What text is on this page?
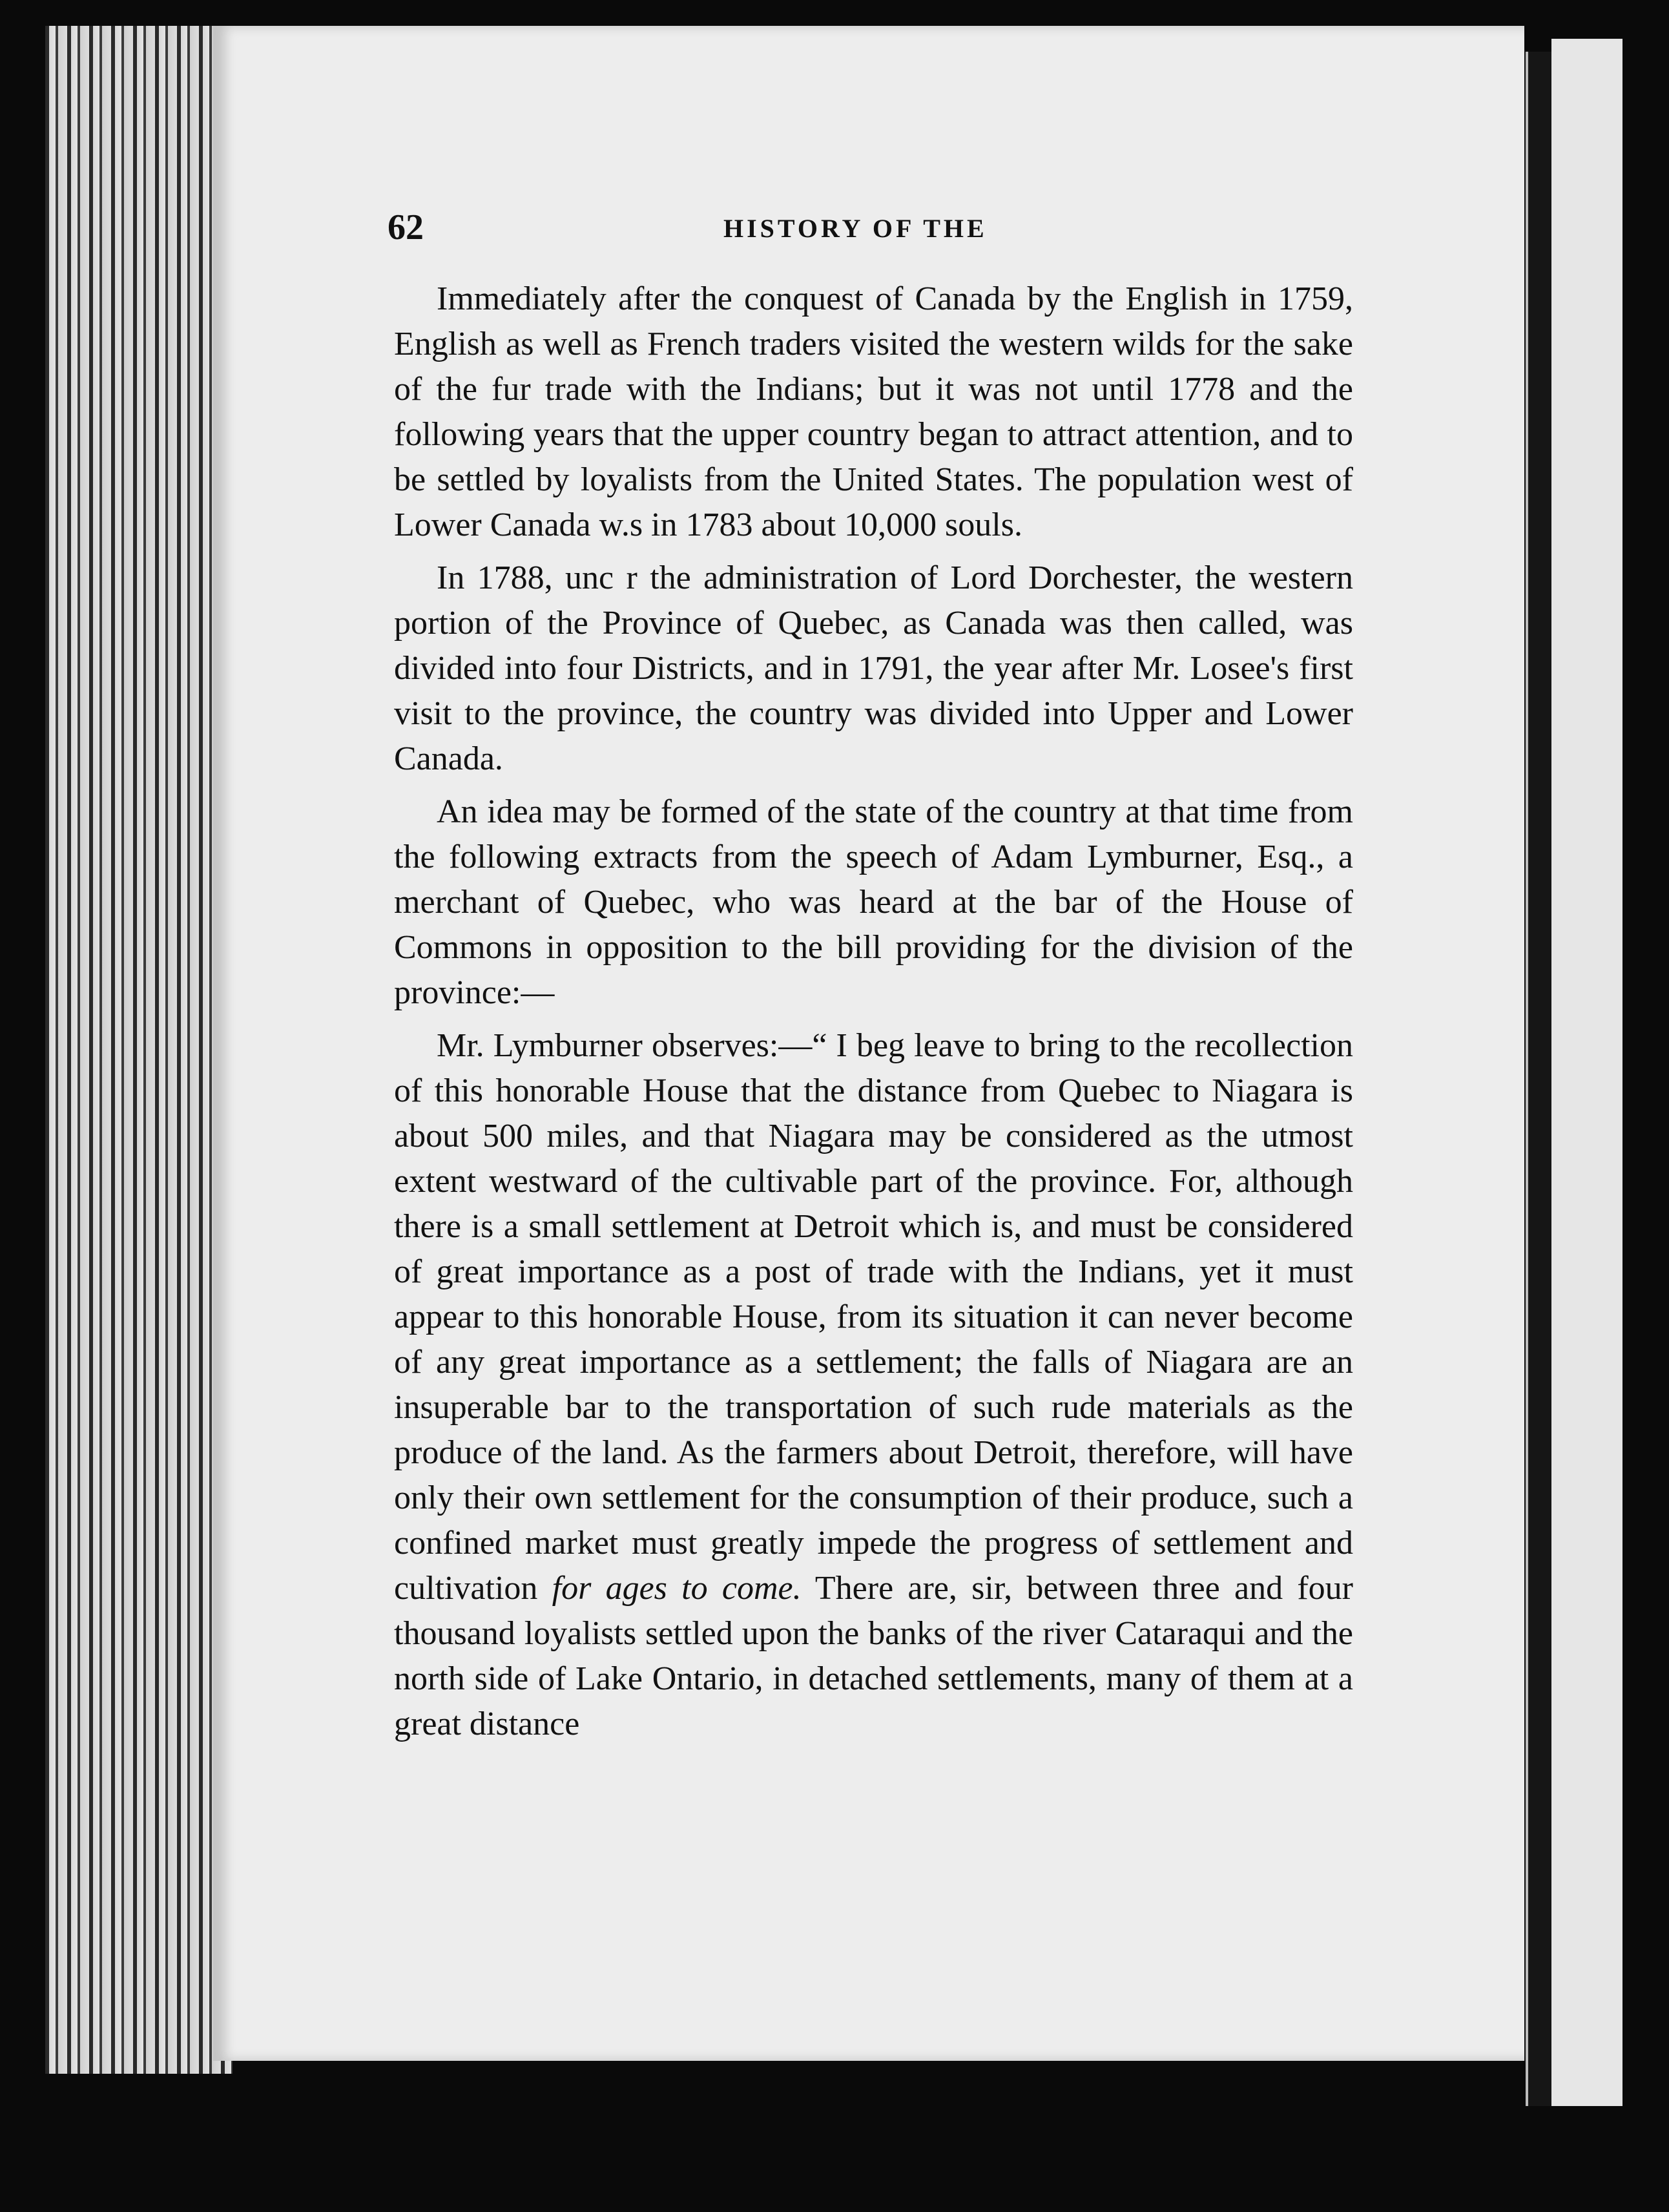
62	HISTORY OF THE

Immediately after the conquest of Canada by the English in 1759, English as well as French traders visited the western wilds for the sake of the fur trade with the Indians; but it was not until 1778 and the following years that the upper country began to attract attention, and to be settled by loyalists from the United States. The population west of Lower Canada w.s in 1783 about 10,000 souls.

In 1788, unc r the administration of Lord Dorchester, the western portion of the Province of Quebec, as Canada was then called, was divided into four Districts, and in 1791, the year after Mr. Losee's first visit to the province, the country was divided into Upper and Lower Canada.

An idea may be formed of the state of the country at that time from the following extracts from the speech of Adam Lymburner, Esq., a merchant of Quebec, who was heard at the bar of the House of Commons in opposition to the bill providing for the division of the province:—

Mr. Lymburner observes:—“ I beg leave to bring to the recollection of this honorable House that the distance from Quebec to Niagara is about 500 miles, and that Niagara may be considered as the utmost extent westward of the cultivable part of the province. For, although there is a small settlement at Detroit which is, and must be considered of great importance as a post of trade with the Indians, yet it must appear to this honorable House, from its situation it can never become of any great importance as a settlement; the falls of Niagara are an insuperable bar to the transportation of such rude materials as the produce of the land. As the farmers about Detroit, therefore, will have only their own settlement for the consumption of their produce, such a confined market must greatly impede the progress of settlement and cultivation for ages to come. There are, sir, between three and four thousand loyalists settled upon the banks of the river Cataraqui and the north side of Lake Ontario, in detached settlements, many of them at a great distance
